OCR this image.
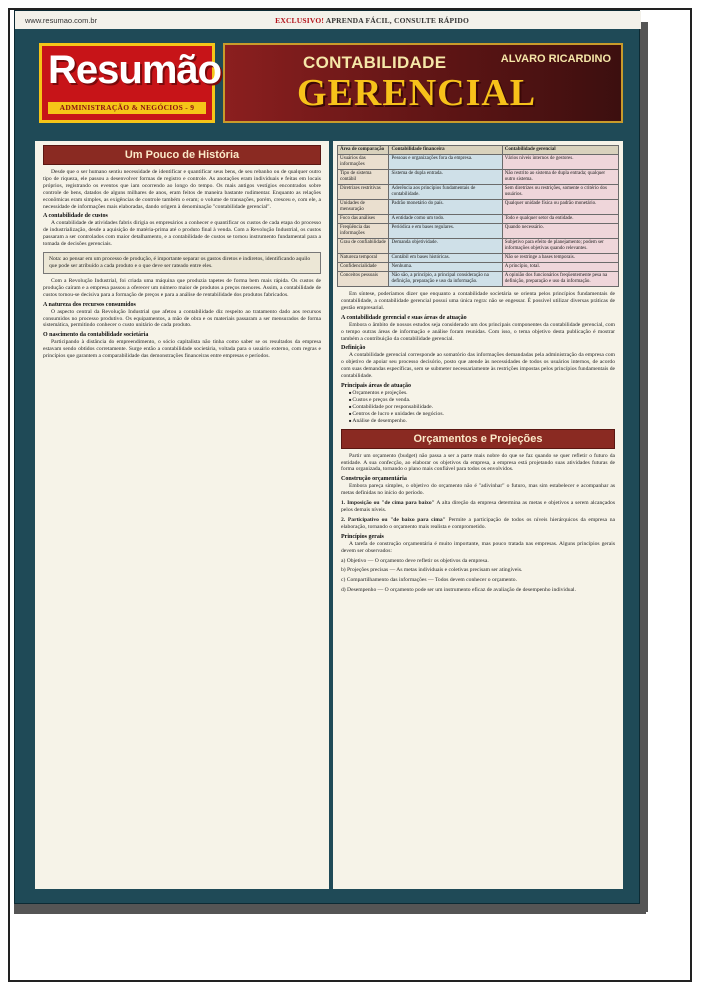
www.resumao.com.br	EXCLUSIVO! APRENDA FÁCIL, CONSULTE RÁPIDO
Resumão
ADMINISTRAÇÃO & NEGÓCIOS - 9
CONTABILIDADE	ALVARO RICARDINO
GERENCIAL
Um Pouco de História

Desde que o ser humano sentiu necessidade de identificar e quantificar seus bens, de seu rebanho ou de qualquer outro tipo de riqueza, ele passou a desenvolver formas de registro e controle. As anotações eram individuais e feitas em locais próprios, registrando os eventos que iam ocorrendo ao longo do tempo. Os mais antigos vestígios encontrados sobre controle de bens, datados de alguns milhares de anos, eram feitos de maneira bastante rudimentar. Enquanto as relações econômicas eram simples, as exigências de controle também o eram; o volume de transações, porém, cresceu e, com ele, a necessidade de informações mais elaboradas, dando origem à denominação "contabilidade gerencial".

A contabilidade de custos

A contabilidade de atividades fabris dirigia os empresários a conhecer e quantificar os custos de cada etapa do processo de industrialização, desde a aquisição de matéria-prima até o produto final à venda. Com a Revolução Industrial, os custos passaram a ser controlados com maior detalhamento, e a contabilidade de custos se tornou instrumento fundamental para a tomada de decisões gerenciais.

Nota: ao pensar em um processo de produção, é importante separar os gastos diretos e indiretos, identificando aquilo que pode ser atribuído a cada produto e o que deve ser rateado entre eles.

Com a Revolução Industrial, foi criada uma máquina que produzia tapetes de forma bem mais rápida. Os custos de produção caíram e a empresa passou a oferecer um número maior de produtos a preços menores. Assim, a contabilidade de custos tornou-se decisiva para a formação de preços e para a análise de rentabilidade dos produtos fabricados.

A natureza dos recursos consumidos

O aspecto central da Revolução Industrial que afetou a contabilidade diz respeito ao tratamento dado aos recursos consumidos no processo produtivo. Os equipamentos, a mão de obra e os materiais passaram a ser mensurados de forma sistemática, permitindo conhecer o custo unitário de cada produto.

O nascimento da contabilidade societária

Participando à distância do empreendimento, o sócio capitalista não tinha como saber se os resultados da empresa estavam sendo obtidos corretamente. Surge então a contabilidade societária, voltada para o usuário externo, com regras e princípios que garantem a comparabilidade das demonstrações financeiras entre empresas e períodos.

Área de comparação	Contabilidade financeira	Contabilidade gerencial
Usuários das informações	Pessoas e organizações fora da empresa.	Vários níveis internos de gestores.
Tipo de sistema contábil	Sistema de dupla entrada.	Não restrito ao sistema de dupla entrada; qualquer outro sistema.
Diretrizes restritivas	Aderência aos princípios fundamentais de contabilidade.	Sem diretrizes ou restrições, somente o critério dos usuários.
Unidades de mensuração	Padrão monetário do país.	Qualquer unidade física ou padrão monetário.
Foco das análises	A entidade como um todo.	Todo e qualquer setor da entidade.
Freqüência das informações	Periódica e em bases regulares.	Quando necessário.
Grau de confiabilidade	Demanda objetividade.	Subjetivo para efeito de planejamento; podem ser informações objetivas quando relevantes.
Natureza temporal	Contábil em bases históricas.	Não se restringe a bases temporais.
Confidencialidade	Nenhuma.	A princípio, total.
Conceitos pessoais	Não são, a princípio, a principal consideração na definição, preparação e uso da informação.	A opinião dos funcionários freqüentemente pesa na definição, preparação e uso da informação.

Em síntese, poderíamos dizer que enquanto a contabilidade societária se orienta pelos princípios fundamentais de contabilidade, a contabilidade gerencial possui uma única regra: não se engessar. É possível utilizar diversas práticas de gestão empresarial.

A contabilidade gerencial e suas áreas de atuação

Embora o âmbito de nossos estudos seja considerado um dos principais componentes da contabilidade gerencial, com o tempo outras áreas de informação e análise foram reunidas. Com isso, o tema objetivo desta publicação é mostrar também a contribuição da contabilidade gerencial.

Definição

A contabilidade gerencial corresponde ao somatório das informações demandadas pela administração da empresa com o objetivo de apoiar seu processo decisório, posto que atende às necessidades de todos os usuários internos, de acordo com suas demandas específicas, sem se submeter necessariamente às restrições impostas pelos princípios fundamentais de contabilidade.

Principais áreas de atuação
■ Orçamentos e projeções.
■ Custos e preços de venda.
■ Contabilidade por responsabilidade.
■ Centros de lucro e unidades de negócios.
■ Análise de desempenho.
Orçamentos e Projeções

Partir um orçamento (budget) não passa a ser a parte mais nobre do que se faz quando se quer refletir o futuro da entidade. A sua confecção, ao elaborar os objetivos da empresa, a empresa está projetando suas atividades futuras de forma organizada, tornando o plano mais confiável para todos os envolvidos.

Construção orçamentária

Embora pareça simples, o objetivo do orçamento não é "adivinhar" o futuro, mas sim estabelecer e acompanhar as metas definidas no início do período.

1. Imposição ou "de cima para baixo" A alta direção da empresa determina as metas e objetivos a serem alcançados pelos demais níveis.

2. Participativo ou "de baixo para cima" Permite a participação de todos os níveis hierárquicos da empresa na elaboração, tornando o orçamento mais realista e comprometido.

Princípios gerais

A tarefa de construção orçamentária é muito importante, mas pouco tratada nas empresas. Alguns princípios gerais devem ser observados:

a) Objetivo — O orçamento deve refletir os objetivos da empresa.

b) Projeções precisas — As metas individuais e coletivas precisam ser atingíveis.

c) Compartilhamento das informações — Todos devem conhecer o orçamento.

d) Desempenho — O orçamento pode ser um instrumento eficaz de avaliação de desempenho individual.
